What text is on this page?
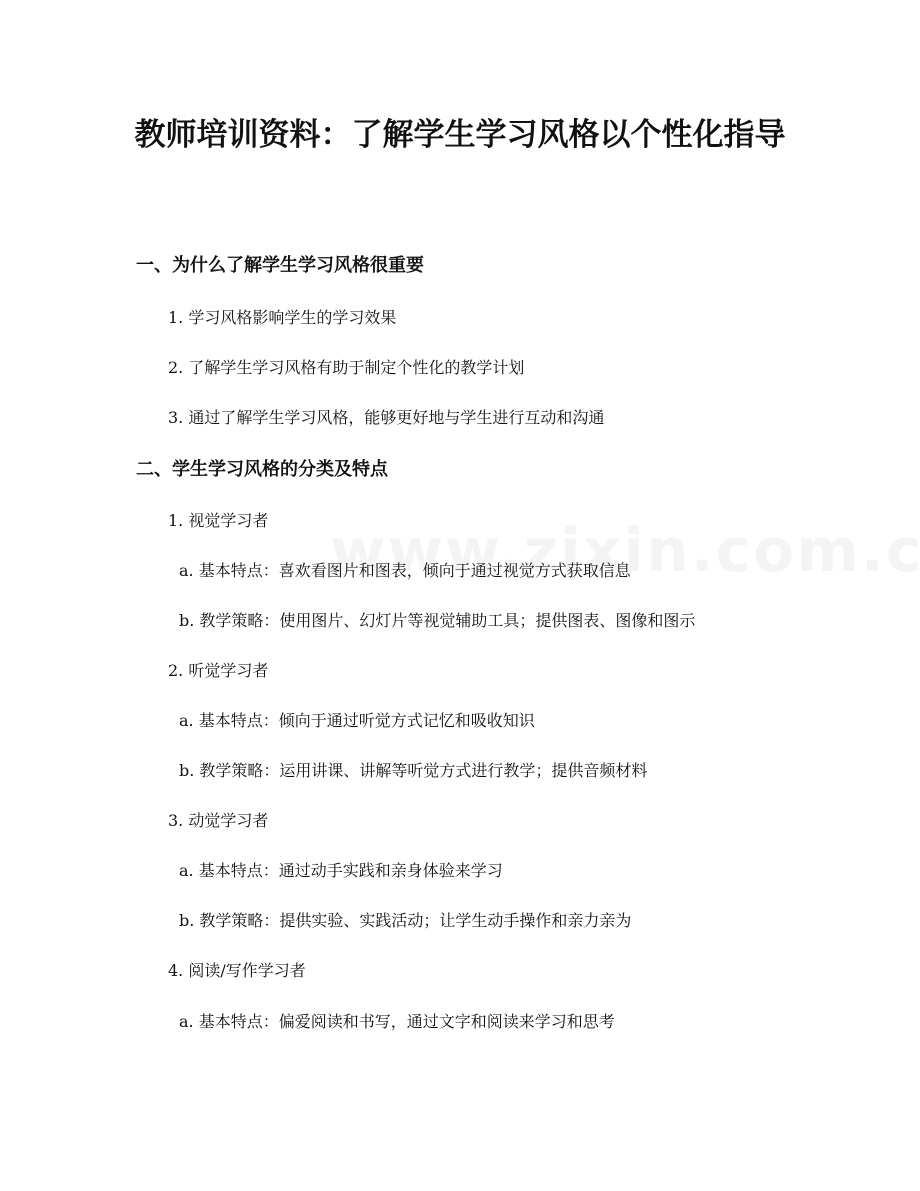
教师培训资料：了解学生学习风格以个性化指导
一、为什么了解学生学习风格很重要
1. 学习风格影响学生的学习效果
2. 了解学生学习风格有助于制定个性化的教学计划
3. 通过了解学生学习风格，能够更好地与学生进行互动和沟通
二、学生学习风格的分类及特点
1. 视觉学习者
a. 基本特点：喜欢看图片和图表，倾向于通过视觉方式获取信息
b. 教学策略：使用图片、幻灯片等视觉辅助工具；提供图表、图像和图示
2. 听觉学习者
a. 基本特点：倾向于通过听觉方式记忆和吸收知识
b. 教学策略：运用讲课、讲解等听觉方式进行教学；提供音频材料
3. 动觉学习者
a. 基本特点：通过动手实践和亲身体验来学习
b. 教学策略：提供实验、实践活动；让学生动手操作和亲力亲为
4. 阅读/写作学习者
a. 基本特点：偏爱阅读和书写，通过文字和阅读来学习和思考
